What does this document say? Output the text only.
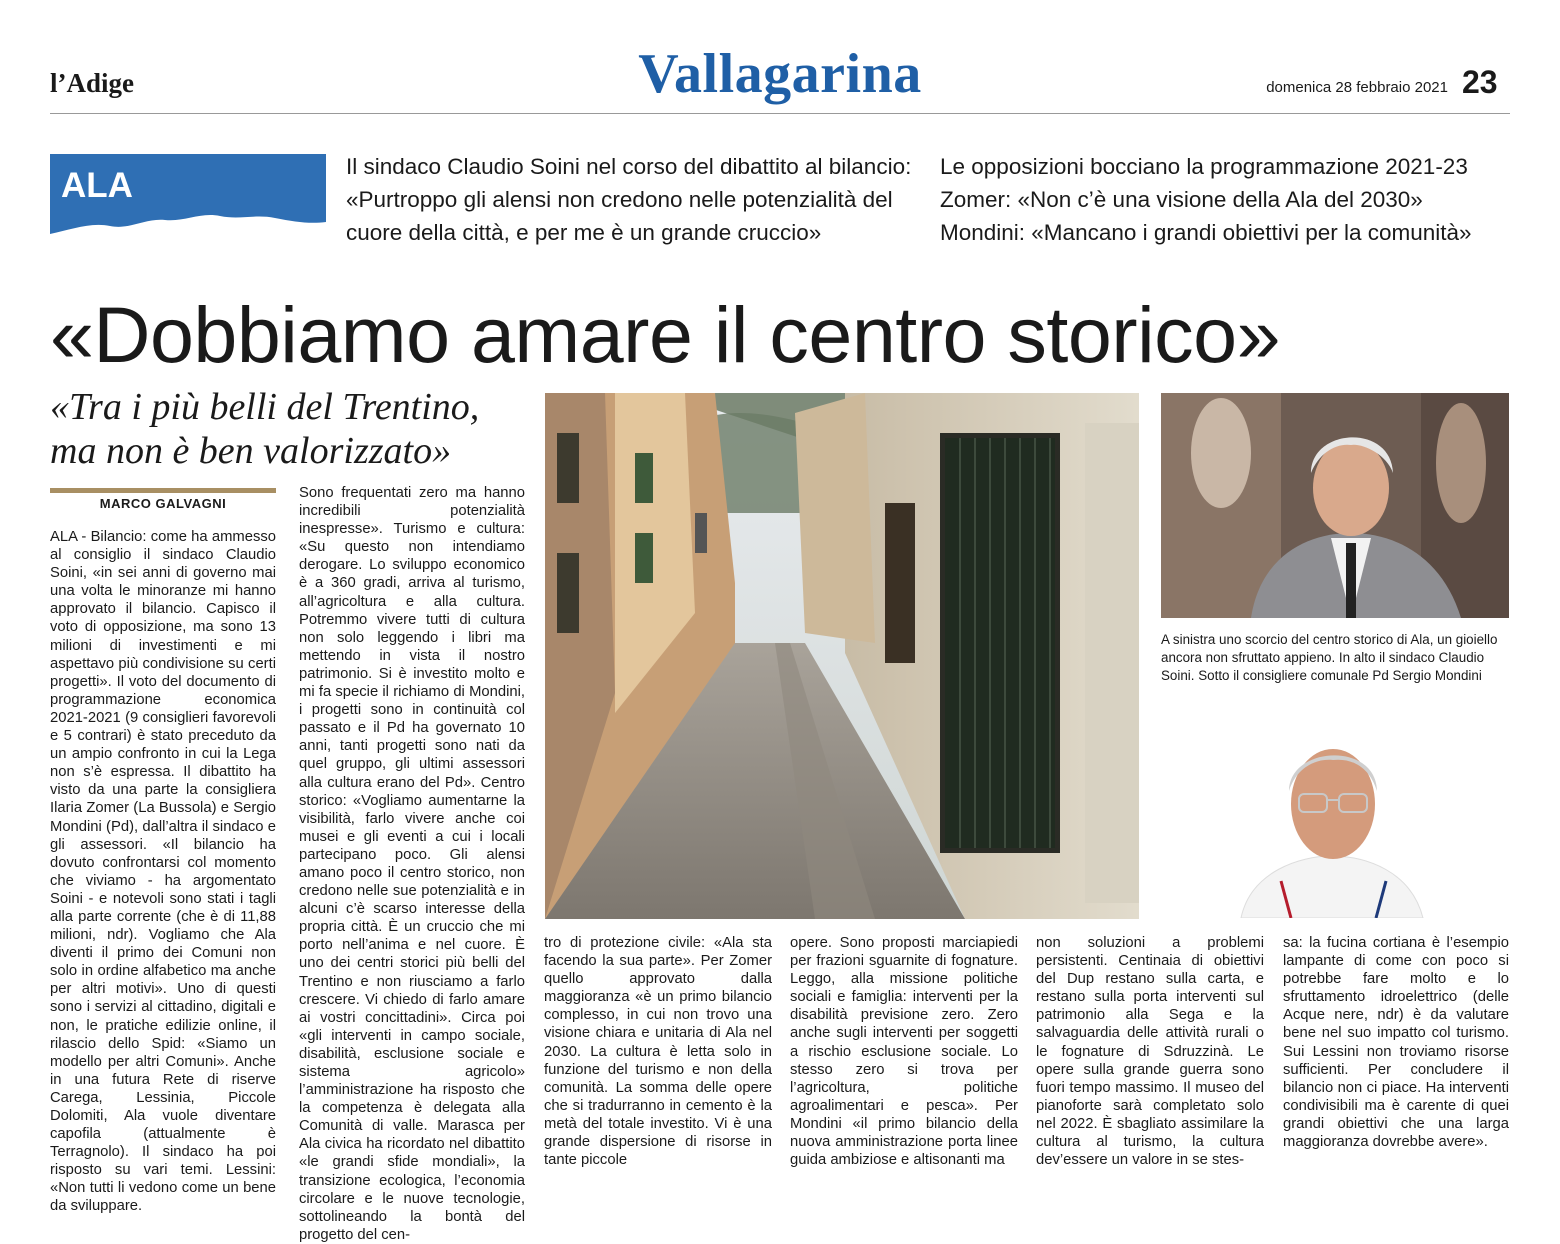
l’Adige	Vallagarina	domenica 28 febbraio 2021 23
ALA	Il sindaco Claudio Soini nel corso del dibattito al bilancio:
«Purtroppo gli alensi non credono nelle potenzialità del
cuore della città, e per me è un grande cruccio»
Le opposizioni bocciano la programmazione 2021-23
Zomer: «Non c’è una visione della Ala del 2030»
Mondini: «Mancano i grandi obiettivi per la comunità»
«Dobbiamo amare il centro storico»
«Tra i più belli del Trentino,
ma non è ben valorizzato»
MARCO GALVAGNI

ALA - Bilancio: come ha ammesso al consiglio il sindaco Claudio Soini, «in sei anni di governo mai una volta le minoranze mi hanno approvato il bilancio. Capisco il voto di opposizione, ma sono 13 milioni di investimenti e mi aspettavo più condivisione su certi progetti». Il voto del documento di programmazione economica 2021-2021 (9 consiglieri favorevoli e 5 contrari) è stato preceduto da un ampio confronto in cui la Lega non s’è espressa. Il dibattito ha visto da una parte la consigliera Ilaria Zomer (La Bussola) e Sergio Mondini (Pd), dall’altra il sindaco e gli assessori. «Il bilancio ha dovuto confrontarsi col momento che viviamo - ha argomentato Soini - e notevoli sono stati i tagli alla parte corrente (che è di 11,88 milioni, ndr). Vogliamo che Ala diventi il primo dei Comuni non solo in ordine alfabetico ma anche per altri motivi». Uno di questi sono i servizi al cittadino, digitali e non, le pratiche edilizie online, il rilascio dello Spid: «Siamo un modello per altri Comuni». Anche in una futura Rete di riserve Carega, Lessinia, Piccole Dolomiti, Ala vuole diventare capofila (attualmente è Terragnolo). Il sindaco ha poi risposto su vari temi. Lessini: «Non tutti li vedono come un bene da sviluppare.

Sono frequentati zero ma hanno incredibili potenzialità inespresse». Turismo e cultura: «Su questo non intendiamo derogare. Lo sviluppo economico è a 360 gradi, arriva al turismo, all’agricoltura e alla cultura. Potremmo vivere tutti di cultura non solo leggendo i libri ma mettendo in vista il nostro patrimonio. Si è investito molto e mi fa specie il richiamo di Mondini, i progetti sono in continuità col passato e il Pd ha governato 10 anni, tanti progetti sono nati da quel gruppo, gli ultimi assessori alla cultura erano del Pd». Centro storico: «Vogliamo aumentarne la visibilità, farlo vivere anche coi musei e gli eventi a cui i locali partecipano poco. Gli alensi amano poco il centro storico, non credono nelle sue potenzialità e in alcuni c’è scarso interesse della propria città. È un cruccio che mi porto nell’anima e nel cuore. È uno dei centri storici più belli del Trentino e non riusciamo a farlo crescere. Vi chiedo di farlo amare ai vostri concittadini». Circa poi «gli interventi in campo sociale, disabilità, esclusione sociale e sistema agricolo» l’amministrazione ha risposto che la competenza è delegata alla Comunità di valle. Marasca per Ala civica ha ricordato nel dibattito «le grandi sfide mondiali», la transizione ecologica, l’economia circolare e le nuove tecnologie, sottolineando la bontà del progetto del cen-

tro di protezione civile: «Ala sta facendo la sua parte». Per Zomer quello approvato dalla maggioranza «è un primo bilancio complesso, in cui non trovo una visione chiara e unitaria di Ala nel 2030. La cultura è letta solo in funzione del turismo e non della comunità. La somma delle opere che si tradurranno in cemento è la metà del totale investito. Vi è una grande dispersione di risorse in tante piccole

opere. Sono proposti marciapiedi per frazioni sguarnite di fognature. Leggo, alla missione politiche sociali e famiglia: interventi per la disabilità previsione zero. Zero anche sugli interventi per soggetti a rischio esclusione sociale. Lo stesso zero si trova per l’agricoltura, politiche agroalimentari e pesca». Per Mondini «il primo bilancio della nuova amministrazione porta linee guida ambiziose e altisonanti ma

non soluzioni a problemi persistenti. Centinaia di obiettivi del Dup restano sulla carta, e restano sulla porta interventi sul patrimonio alla Sega e la salvaguardia delle attività rurali o le fognature di Sdruzzinà. Le opere sulla grande guerra sono fuori tempo massimo. Il museo del pianoforte sarà completato solo nel 2022. È sbagliato assimilare la cultura al turismo, la cultura dev’essere un valore in se stes-

sa: la fucina cortiana è l’esempio lampante di come con poco si potrebbe fare molto e lo sfruttamento idroelettrico (delle Acque nere, ndr) è da valutare bene nel suo impatto col turismo. Sui Lessini non troviamo risorse sufficienti. Per concludere il bilancio non ci piace. Ha interventi condivisibili ma è carente di quei grandi obiettivi che una larga maggioranza dovrebbe avere».

A sinistra uno scorcio del centro storico di Ala, un gioiello ancora non sfruttato appieno. In alto il sindaco Claudio Soini. Sotto il consigliere comunale Pd Sergio Mondini
